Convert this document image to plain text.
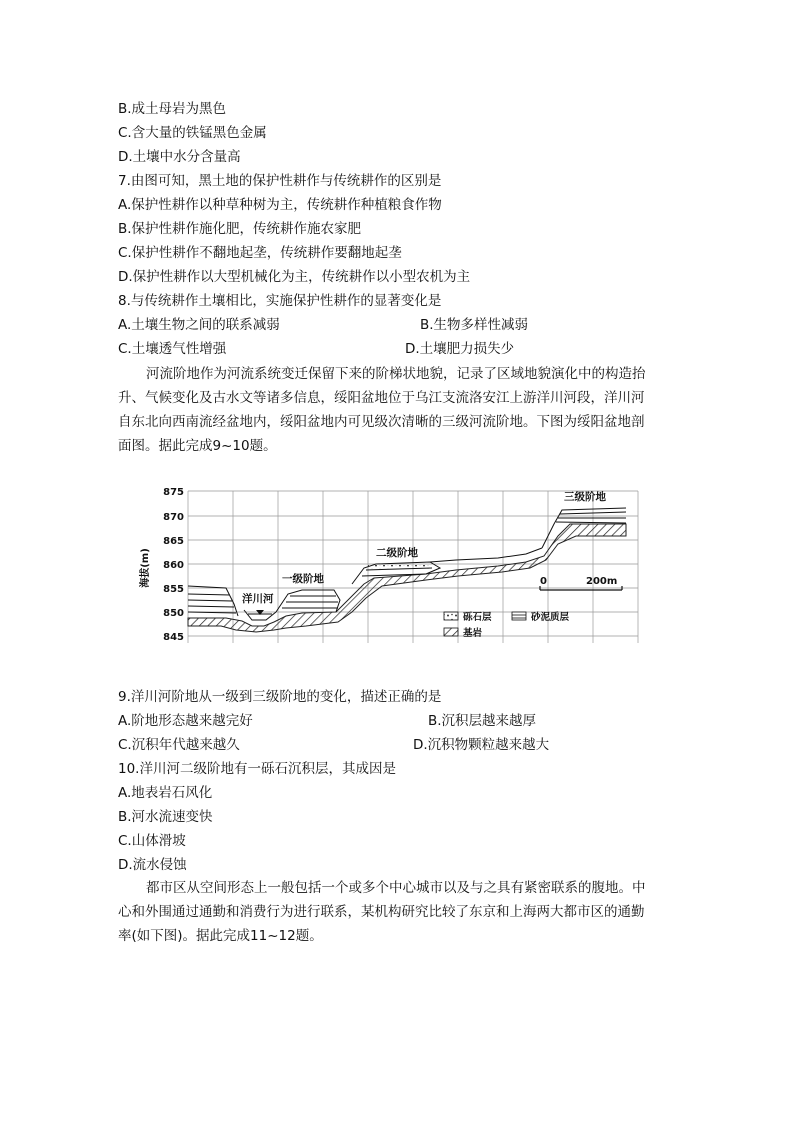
B.成土母岩为黑色
C.含大量的铁锰黑色金属
D.土壤中水分含量高
7.由图可知，黑土地的保护性耕作与传统耕作的区别是
A.保护性耕作以种草种树为主，传统耕作种植粮食作物
B.保护性耕作施化肥，传统耕作施农家肥
C.保护性耕作不翻地起垄，传统耕作要翻地起垄
D.保护性耕作以大型机械化为主，传统耕作以小型农机为主
8.与传统耕作土壤相比，实施保护性耕作的显著变化是
A.土壤生物之间的联系减弱	B.生物多样性减弱
C.土壤透气性增强	D.土壤肥力损失少
河流阶地作为河流系统变迁保留下来的阶梯状地貌，记录了区域地貌演化中的构造抬
升、气候变化及古水文等诸多信息，绥阳盆地位于乌江支流洛安江上游洋川河段，洋川河
自东北向西南流经盆地内，绥阳盆地内可见级次清晰的三级河流阶地。下图为绥阳盆地剖
面图。据此完成9~10题。
875
870
865
860
855
850
845
海拔(m)
洋川河
一级阶地
二级阶地
三级阶地
0	200m
砾石层	砂泥质层
基岩
9.洋川河阶地从一级到三级阶地的变化，描述正确的是
A.阶地形态越来越完好	B.沉积层越来越厚
C.沉积年代越来越久	D.沉积物颗粒越来越大
10.洋川河二级阶地有一砾石沉积层，其成因是
A.地表岩石风化
B.河水流速变快
C.山体滑坡
D.流水侵蚀
都市区从空间形态上一般包括一个或多个中心城市以及与之具有紧密联系的腹地。中
心和外围通过通勤和消费行为进行联系，某机构研究比较了东京和上海两大都市区的通勤
率(如下图)。据此完成11~12题。
